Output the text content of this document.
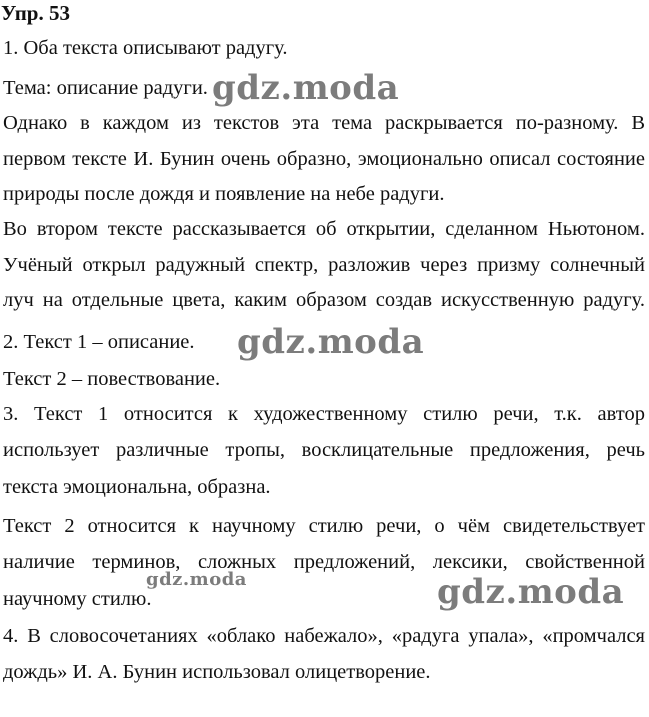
Упр. 53
1. Оба текста описывают радугу.
Тема: описание радуги.
Однако в каждом из текстов эта тема раскрывается по-разному. В
первом тексте И. Бунин очень образно, эмоционально описал состояние
природы после дождя и появление на небе радуги.
Во втором тексте рассказывается об открытии, сделанном Ньютоном.
Учёный открыл радужный спектр, разложив через призму солнечный
луч на отдельные цвета, каким образом создав искусственную радугу.
2. Текст 1 – описание.
Текст 2 – повествование.
3. Текст 1 относится к художественному стилю речи, т.к. автор
использует различные тропы, восклицательные предложения, речь
текста эмоциональна, образна.
Текст 2 относится к научному стилю речи, о чём свидетельствует
наличие терминов, сложных предложений, лексики, свойственной
научному стилю.
4. В словосочетаниях «облако набежало», «радуга упала», «промчался
дождь» И. А. Бунин использовал олицетворение.
gdz.moda
gdz.moda
gdz.moda	gdz.moda
